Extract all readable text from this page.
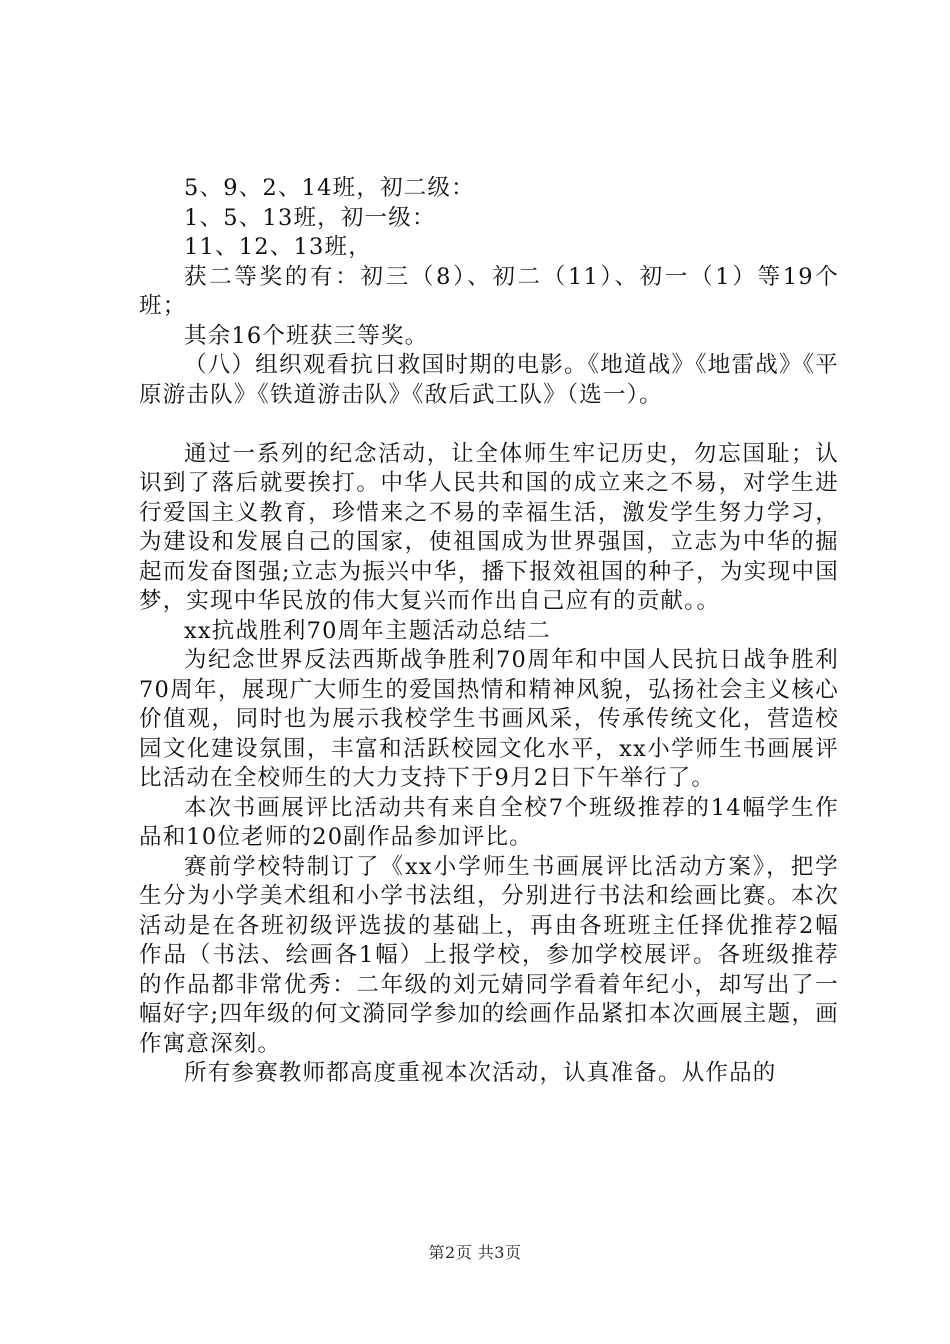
5、9、2、14班，初二级：

1、5、13班，初一级：

11、12、13班，

获二等奖的有：初三（8）、初二（11）、初一（1）等19个班；

其余16个班获三等奖。

（八）组织观看抗日救国时期的电影。《地道战》《地雷战》《平原游击队》《铁道游击队》《敌后武工队》（选一）。

通过一系列的纪念活动，让全体师生牢记历史，勿忘国耻；认识到了落后就要挨打。中华人民共和国的成立来之不易，对学生进行爱国主义教育，珍惜来之不易的幸福生活，激发学生努力学习，为建设和发展自己的国家，使祖国成为世界强国，立志为中华的掘起而发奋图强;立志为振兴中华，播下报效祖国的种子，为实现中国梦，实现中华民放的伟大复兴而作出自己应有的贡献。。

xx抗战胜利70周年主题活动总结二

为纪念世界反法西斯战争胜利70周年和中国人民抗日战争胜利70周年，展现广大师生的爱国热情和精神风貌，弘扬社会主义核心价值观，同时也为展示我校学生书画风采，传承传统文化，营造校园文化建设氛围，丰富和活跃校园文化水平，xx小学师生书画展评比活动在全校师生的大力支持下于9月2日下午举行了。

本次书画展评比活动共有来自全校7个班级推荐的14幅学生作品和10位老师的20副作品参加评比。

赛前学校特制订了《xx小学师生书画展评比活动方案》，把学生分为小学美术组和小学书法组，分别进行书法和绘画比赛。本次活动是在各班初级评选拔的基础上，再由各班班主任择优推荐2幅作品（书法、绘画各1幅）上报学校，参加学校展评。各班级推荐的作品都非常优秀：二年级的刘元婧同学看着年纪小，却写出了一幅好字;四年级的何文漪同学参加的绘画作品紧扣本次画展主题，画作寓意深刻。

所有参赛教师都高度重视本次活动，认真准备。从作品的

第2页 共3页
